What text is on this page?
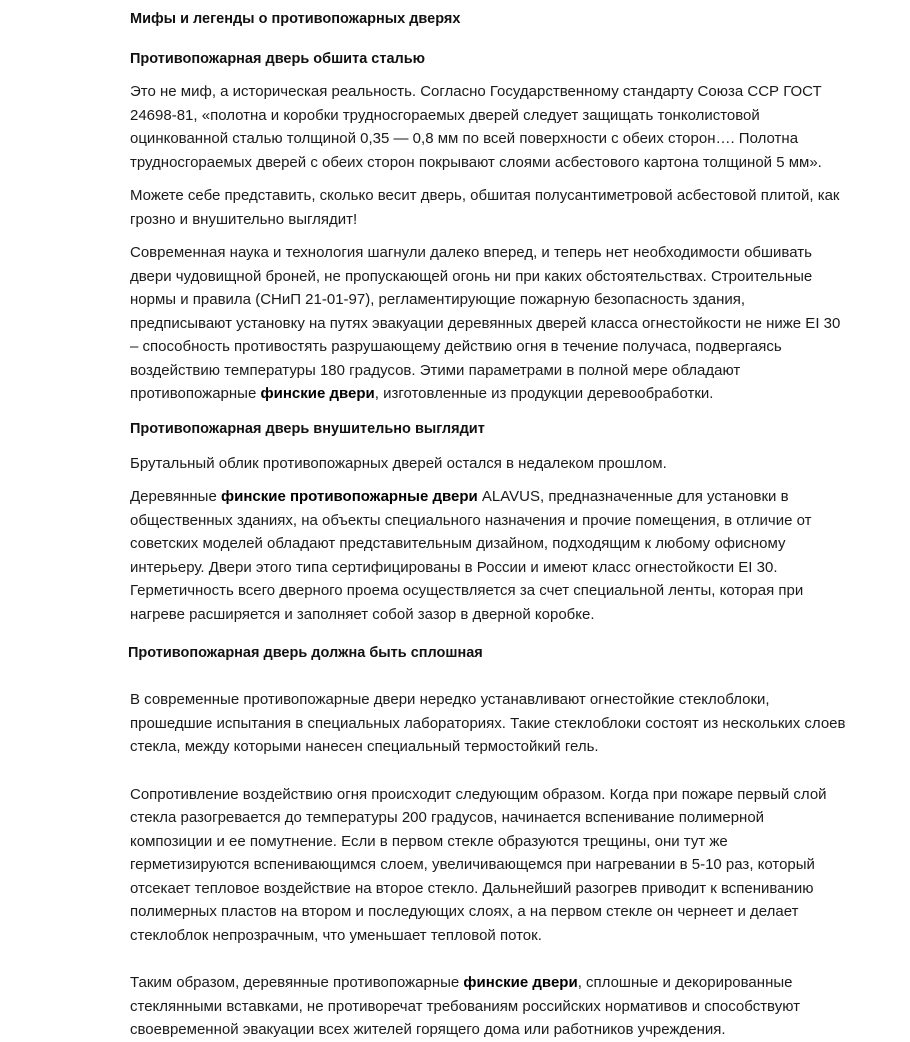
Мифы и легенды о противопожарных дверях
Противопожарная дверь обшита сталью

Это не миф, а историческая реальность. Согласно Государственному стандарту Союза ССР ГОСТ 24698-81, «полотна и коробки трудносгораемых дверей следует защищать тонколистовой оцинкованной сталью толщиной 0,35 — 0,8 мм по всей поверхности с обеих сторон…. Полотна трудносгораемых дверей с обеих сторон покрывают слоями асбестового картона толщиной 5 мм».

Можете себе представить, сколько весит дверь, обшитая полусантиметровой асбестовой плитой, как грозно и внушительно выглядит!

Современная наука и технология шагнули далеко вперед, и теперь нет необходимости обшивать двери чудовищной броней, не пропускающей огонь ни при каких обстоятельствах. Строительные нормы и правила (СНиП 21-01-97), регламентирующие пожарную безопасность здания, предписывают установку на путях эвакуации деревянных дверей класса огнестойкости не ниже EI 30 – способность противостять разрушающему действию огня в течение получаса, подвергаясь воздействию температуры 180 градусов. Этими параметрами в полной мере обладают противопожарные финские двери, изготовленные из продукции деревообработки.

Противопожарная дверь внушительно выглядит

Брутальный облик противопожарных дверей остался в недалеком прошлом.

Деревянные финские противопожарные двери ALAVUS, предназначенные для установки в общественных зданиях, на объекты специального назначения и прочие помещения, в отличие от советских моделей обладают представительным дизайном, подходящим к любому офисному интерьеру. Двери этого типа сертифицированы в России и имеют класс огнестойкости EI 30. Герметичность всего дверного проема осуществляется за счет специальной ленты, которая при нагреве расширяется и заполняет собой зазор в дверной коробке.

Противопожарная дверь должна быть сплошная

В современные противопожарные двери нередко устанавливают огнестойкие стеклоблоки, прошедшие испытания в специальных лабораториях. Такие стеклоблоки состоят из нескольких слоев стекла, между которыми нанесен специальный термостойкий гель.

Сопротивление воздействию огня происходит следующим образом. Когда при пожаре первый слой стекла разогревается до температуры 200 градусов, начинается вспенивание полимерной композиции и ее помутнение. Если в первом стекле образуются трещины, они тут же герметизируются вспенивающимся слоем, увеличивающемся при нагревании в 5-10 раз, который отсекает тепловое воздействие на второе стекло. Дальнейший разогрев приводит к вспениванию полимерных пластов на втором и последующих слоях, а на первом стекле он чернеет и делает стеклоблок непрозрачным, что уменьшает тепловой поток.

Таким образом, деревянные противопожарные финские двери, сплошные и декорированные стеклянными вставками, не противоречат требованиям российских нормативов и способствуют своевременной эвакуации всех жителей горящего дома или работников учреждения.
